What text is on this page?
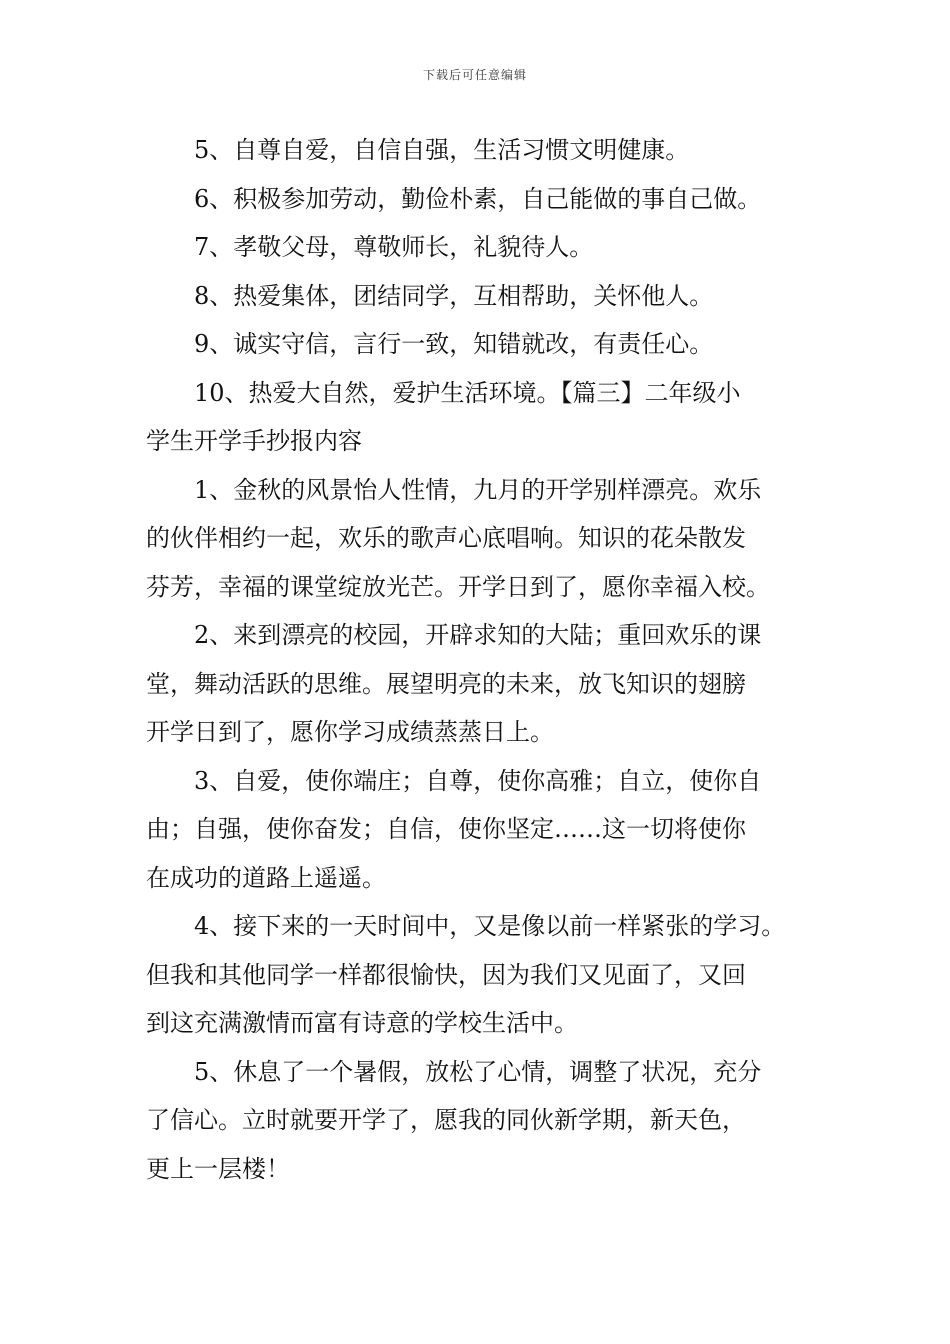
下载后可任意编辑

5、自尊自爱，自信自强，生活习惯文明健康。

6、积极参加劳动，勤俭朴素，自己能做的事自己做。

7、孝敬父母，尊敬师长，礼貌待人。

8、热爱集体，团结同学，互相帮助，关怀他人。

9、诚实守信，言行一致，知错就改，有责任心。

10、热爱大自然，爱护生活环境。【篇三】二年级小

学生开学手抄报内容

1、金秋的风景怡人性情，九月的开学别样漂亮。欢乐

的伙伴相约一起，欢乐的歌声心底唱响。知识的花朵散发

芬芳，幸福的课堂绽放光芒。开学日到了，愿你幸福入校。

2、来到漂亮的校园，开辟求知的大陆；重回欢乐的课

堂，舞动活跃的思维。展望明亮的未来，放飞知识的翅膀

开学日到了，愿你学习成绩蒸蒸日上。

3、自爱，使你端庄；自尊，使你高雅；自立，使你自

由；自强，使你奋发；自信，使你坚定……这一切将使你

在成功的道路上遥遥。

4、接下来的一天时间中，又是像以前一样紧张的学习。

但我和其他同学一样都很愉快，因为我们又见面了，又回

到这充满激情而富有诗意的学校生活中。

5、休息了一个暑假，放松了心情，调整了状况，充分

了信心。立时就要开学了，愿我的同伙新学期，新天色，

更上一层楼！
